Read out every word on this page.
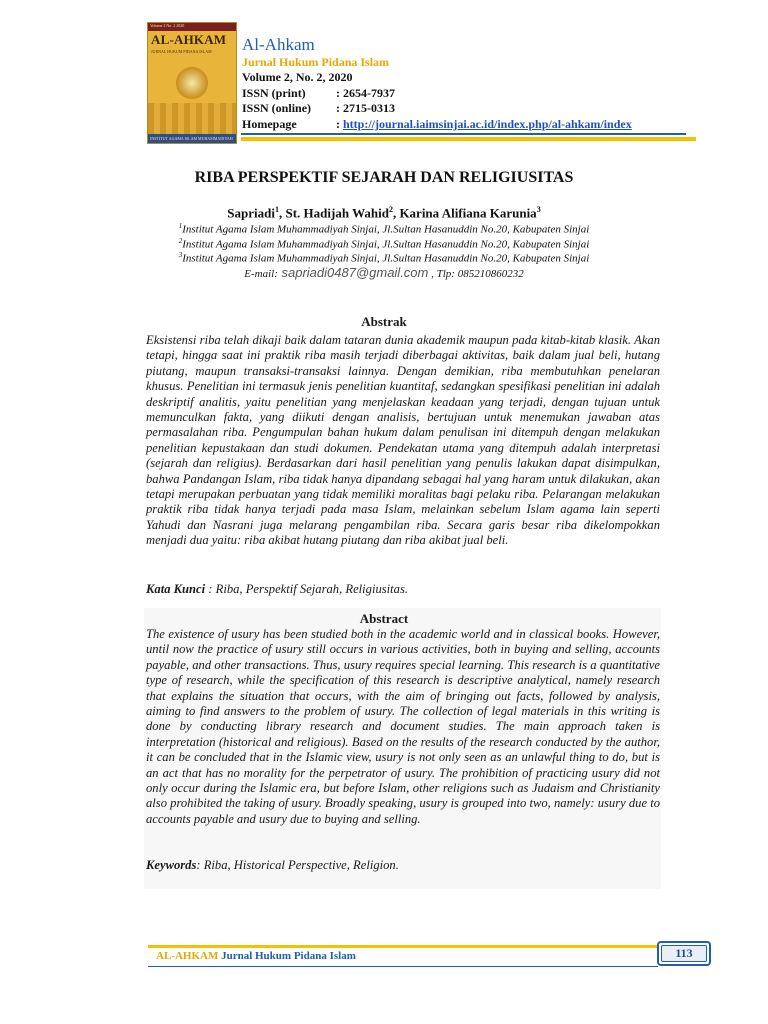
Volume 2 No. 2 2020
AL-AHKAM
JURNAL HUKUM PIDANA ISLAM
INSTITUT AGAMA ISLAM MUHAMMADIYAH
Al-Ahkam
Jurnal Hukum Pidana Islam
Volume 2, No. 2, 2020
ISSN (print)	: 2654-7937
ISSN (online) : 2715-0313
Homepage	: http://journal.iaimsinjai.ac.id/index.php/al-ahkam/index
RIBA PERSPEKTIF SEJARAH DAN RELIGIUSITAS
Sapriadi$^1$, St. Hadijah Wahid$^2$, Karina Alifiana Karunia$^3$
$^1$Institut Agama Islam Muhammadiyah Sinjai, Jl.Sultan Hasanuddin No.20, Kabupaten Sinjai
$^2$Institut Agama Islam Muhammadiyah Sinjai, Jl.Sultan Hasanuddin No.20, Kabupaten Sinjai
$^3$Institut Agama Islam Muhammadiyah Sinjai, Jl.Sultan Hasanuddin No.20, Kabupaten Sinjai
E-mail: sapriadi0487@gmail.com , Tlp: 085210860232
Abstrak
Eksistensi riba telah dikaji baik dalam tataran dunia akademik maupun pada kitab-kitab klasik. Akan tetapi, hingga saat ini praktik riba masih terjadi diberbagai aktivitas, baik dalam jual beli, hutang piutang, maupun transaksi-transaksi lainnya. Dengan demikian, riba membutuhkan penelaran khusus. Penelitian ini termasuk jenis penelitian kuantitaf, sedangkan spesifikasi penelitian ini adalah deskriptif analitis, yaitu penelitian yang menjelaskan keadaan yang terjadi, dengan tujuan untuk memunculkan fakta, yang diikuti dengan analisis, bertujuan untuk menemukan jawaban atas permasalahan riba. Pengumpulan bahan hukum dalam penulisan ini ditempuh dengan melakukan penelitian kepustakaan dan studi dokumen. Pendekatan utama yang ditempuh adalah interpretasi (sejarah dan religius). Berdasarkan dari hasil penelitian yang penulis lakukan dapat disimpulkan, bahwa Pandangan Islam, riba tidak hanya dipandang sebagai hal yang haram untuk dilakukan, akan tetapi merupakan perbuatan yang tidak memiliki moralitas bagi pelaku riba. Pelarangan melakukan praktik riba tidak hanya terjadi pada masa Islam, melainkan sebelum Islam agama lain seperti Yahudi dan Nasrani juga melarang pengambilan riba. Secara garis besar riba dikelompokkan menjadi dua yaitu: riba akibat hutang piutang dan riba akibat jual beli.
Kata Kunci : Riba, Perspektif Sejarah, Religiusitas.
Abstract
The existence of usury has been studied both in the academic world and in classical books. However, until now the practice of usury still occurs in various activities, both in buying and selling, accounts payable, and other transactions. Thus, usury requires special learning. This research is a quantitative type of research, while the specification of this research is descriptive analytical, namely research that explains the situation that occurs, with the aim of bringing out facts, followed by analysis, aiming to find answers to the problem of usury. The collection of legal materials in this writing is done by conducting library research and document studies. The main approach taken is interpretation (historical and religious). Based on the results of the research conducted by the author, it can be concluded that in the Islamic view, usury is not only seen as an unlawful thing to do, but is an act that has no morality for the perpetrator of usury. The prohibition of practicing usury did not only occur during the Islamic era, but before Islam, other religions such as Judaism and Christianity also prohibited the taking of usury. Broadly speaking, usury is grouped into two, namely: usury due to accounts payable and usury due to buying and selling.
Keywords: Riba, Historical Perspective, Religion.
AL-AHKAM Jurnal Hukum Pidana Islam	113
